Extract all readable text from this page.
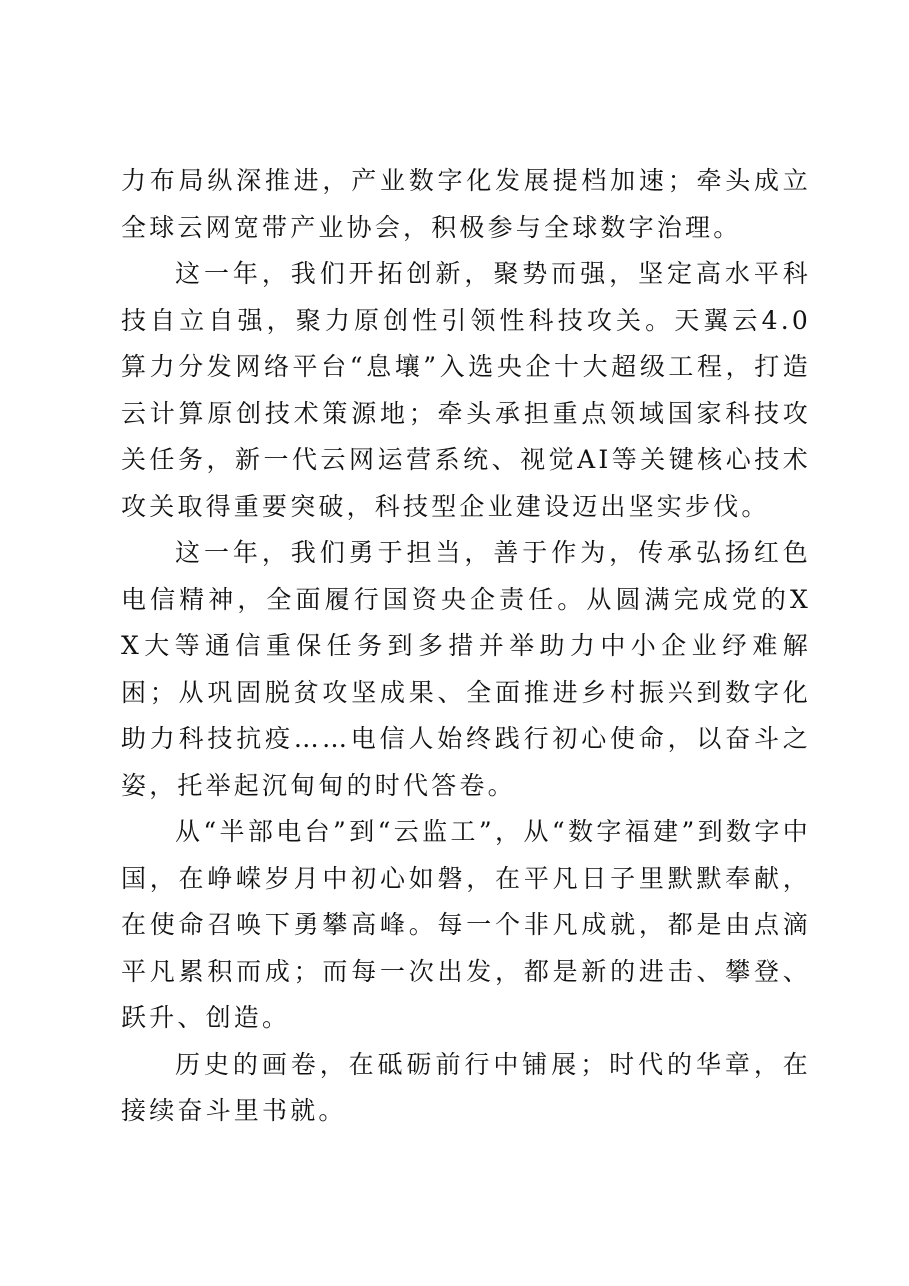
力布局纵深推进，产业数字化发展提档加速；牵头成立全球云网宽带产业协会，积极参与全球数字治理。

这一年，我们开拓创新，聚势而强，坚定高水平科技自立自强，聚力原创性引领性科技攻关。天翼云4.0算力分发网络平台“息壤”入选央企十大超级工程，打造云计算原创技术策源地；牵头承担重点领域国家科技攻关任务，新一代云网运营系统、视觉AI等关键核心技术攻关取得重要突破，科技型企业建设迈出坚实步伐。

这一年，我们勇于担当，善于作为，传承弘扬红色电信精神，全面履行国资央企责任。从圆满完成党的XX大等通信重保任务到多措并举助力中小企业纾难解困；从巩固脱贫攻坚成果、全面推进乡村振兴到数字化助力科技抗疫……电信人始终践行初心使命，以奋斗之姿，托举起沉甸甸的时代答卷。

从“半部电台”到“云监工”，从“数字福建”到数字中国，在峥嵘岁月中初心如磐，在平凡日子里默默奉献，在使命召唤下勇攀高峰。每一个非凡成就，都是由点滴平凡累积而成；而每一次出发，都是新的进击、攀登、跃升、创造。

历史的画卷，在砥砺前行中铺展；时代的华章，在接续奋斗里书就。
